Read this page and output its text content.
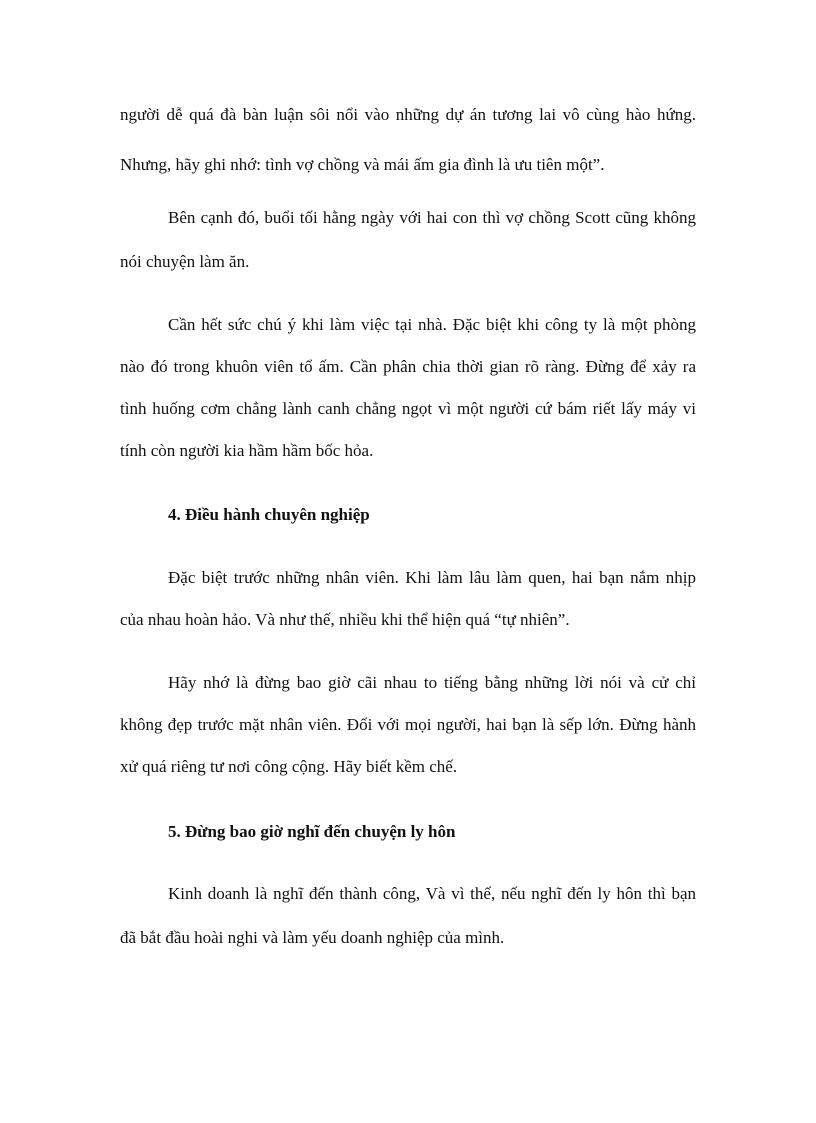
người dễ quá đà bàn luận sôi nổi vào những dự án tương lai vô cùng hào hứng.
Nhưng, hãy ghi nhớ: tình vợ chồng và mái ấm gia đình là ưu tiên một”.
Bên cạnh đó, buổi tối hằng ngày với hai con thì vợ chồng Scott cũng không
nói chuyện làm ăn.
Cần hết sức chú ý khi làm việc tại nhà. Đặc biệt khi công ty là một phòng
nào đó trong khuôn viên tổ ấm. Cần phân chia thời gian rõ ràng. Đừng để xảy ra
tình huống cơm chẳng lành canh chẳng ngọt vì một người cứ bám riết lấy máy vi
tính còn người kia hầm hầm bốc hỏa.
4. Điều hành chuyên nghiệp
Đặc biệt trước những nhân viên. Khi làm lâu làm quen, hai bạn nắm nhịp
của nhau hoàn hảo. Và như thế, nhiều khi thể hiện quá “tự nhiên”.
Hãy nhớ là đừng bao giờ cãi nhau to tiếng bằng những lời nói và cử chỉ
không đẹp trước mặt nhân viên. Đối với mọi người, hai bạn là sếp lớn. Đừng hành
xử quá riêng tư nơi công cộng. Hãy biết kềm chế.
5. Đừng bao giờ nghĩ đến chuyện ly hôn
Kinh doanh là nghĩ đến thành công, Và vì thế, nếu nghĩ đến ly hôn thì bạn
đã bắt đầu hoài nghi và làm yếu doanh nghiệp của mình.
